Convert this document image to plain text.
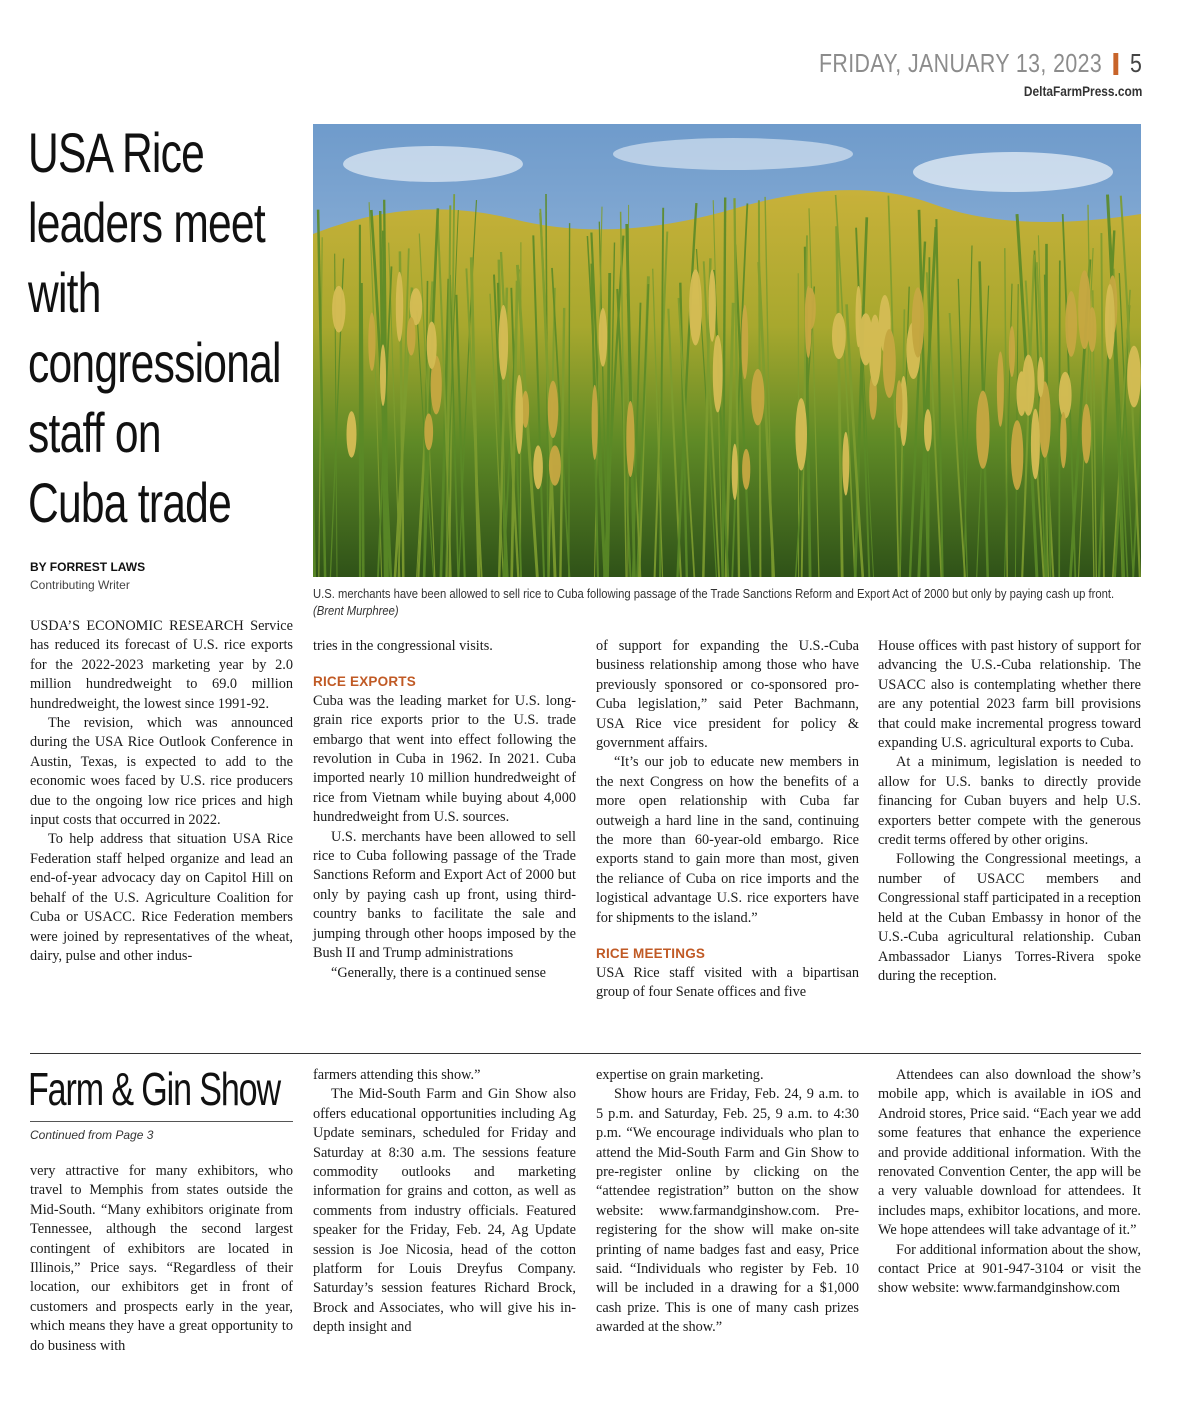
FRIDAY, JANUARY 13, 2023 5
DeltaFarmPress.com
USA Rice
leaders meet
with
congressional
staff on
Cuba trade
BY FORREST LAWS
Contributing Writer
U.S. merchants have been allowed to sell rice to Cuba following passage of the Trade Sanctions Reform and Export Act of 2000 but only by paying cash up front. (Brent Murphree)

USDA’S ECONOMIC RESEARCH Service has reduced its forecast of U.S. rice exports for the 2022-2023 marketing year by 2.0 million hundredweight to 69.0 million hundredweight, the lowest since 1991-92.

The revision, which was announced during the USA Rice Outlook Conference in Austin, Texas, is expected to add to the economic woes faced by U.S. rice producers due to the ongoing low rice prices and high input costs that occurred in 2022.

To help address that situation USA Rice Federation staff helped organize and lead an end-of-year advocacy day on Capitol Hill on behalf of the U.S. Agriculture Coalition for Cuba or USACC. Rice Federation members were joined by representatives of the wheat, dairy, pulse and other indus-

tries in the congressional visits.

RICE EXPORTS

Cuba was the leading market for U.S. long-grain rice exports prior to the U.S. trade embargo that went into effect following the revolution in Cuba in 1962. In 2021. Cuba imported nearly 10 million hundredweight of rice from Vietnam while buying about 4,000 hundredweight from U.S. sources.

U.S. merchants have been allowed to sell rice to Cuba following passage of the Trade Sanctions Reform and Export Act of 2000 but only by paying cash up front, using third-country banks to facilitate the sale and jumping through other hoops imposed by the Bush II and Trump administrations

“Generally, there is a continued sense

of support for expanding the U.S.-Cuba business relationship among those who have previously sponsored or co-sponsored pro-Cuba legislation,” said Peter Bachmann, USA Rice vice president for policy & government affairs.

“It’s our job to educate new members in the next Congress on how the benefits of a more open relationship with Cuba far outweigh a hard line in the sand, continuing the more than 60-year-old embargo. Rice exports stand to gain more than most, given the reliance of Cuba on rice imports and the logistical advantage U.S. rice exporters have for shipments to the island.”

RICE MEETINGS

USA Rice staff visited with a bipartisan group of four Senate offices and five

House offices with past history of support for advancing the U.S.-Cuba relationship. The USACC also is contemplating whether there are any potential 2023 farm bill provisions that could make incremental progress toward expanding U.S. agricultural exports to Cuba.

At a minimum, legislation is needed to allow for U.S. banks to directly provide financing for Cuban buyers and help U.S. exporters better compete with the generous credit terms offered by other origins.

Following the Congressional meetings, a number of USACC members and Congressional staff participated in a reception held at the Cuban Embassy in honor of the U.S.-Cuba agricultural relationship. Cuban Ambassador Lianys Torres-Rivera spoke during the reception.

Farm & Gin Show
Continued from Page 3

very attractive for many exhibitors, who travel to Memphis from states outside the Mid-South. “Many exhibitors originate from Tennessee, although the second largest contingent of exhibitors are located in Illinois,” Price says. “Regardless of their location, our exhibitors get in front of customers and prospects early in the year, which means they have a great opportunity to do business with

farmers attending this show.”

The Mid-South Farm and Gin Show also offers educational opportunities including Ag Update seminars, scheduled for Friday and Saturday at 8:30 a.m. The sessions feature commodity outlooks and marketing information for grains and cotton, as well as comments from industry officials. Featured speaker for the Friday, Feb. 24, Ag Update session is Joe Nicosia, head of the cotton platform for Louis Dreyfus Company. Saturday’s session features Richard Brock, Brock and Associates, who will give his in-depth insight and

expertise on grain marketing.

Show hours are Friday, Feb. 24, 9 a.m. to 5 p.m. and Saturday, Feb. 25, 9 a.m. to 4:30 p.m. “We encourage individuals who plan to attend the Mid-South Farm and Gin Show to pre-register online by clicking on the “attendee registration” button on the show website: www.farmandginshow.com. Pre-registering for the show will make on-site printing of name badges fast and easy, Price said. “Individuals who register by Feb. 10 will be included in a drawing for a $1,000 cash prize. This is one of many cash prizes awarded at the show.”

Attendees can also download the show’s mobile app, which is available in iOS and Android stores, Price said. “Each year we add some features that enhance the experience and provide additional information. With the renovated Convention Center, the app will be a very valuable download for attendees. It includes maps, exhibitor locations, and more. We hope attendees will take advantage of it.”

For additional information about the show, contact Price at 901-947-3104 or visit the show website: www.farmandginshow.com
